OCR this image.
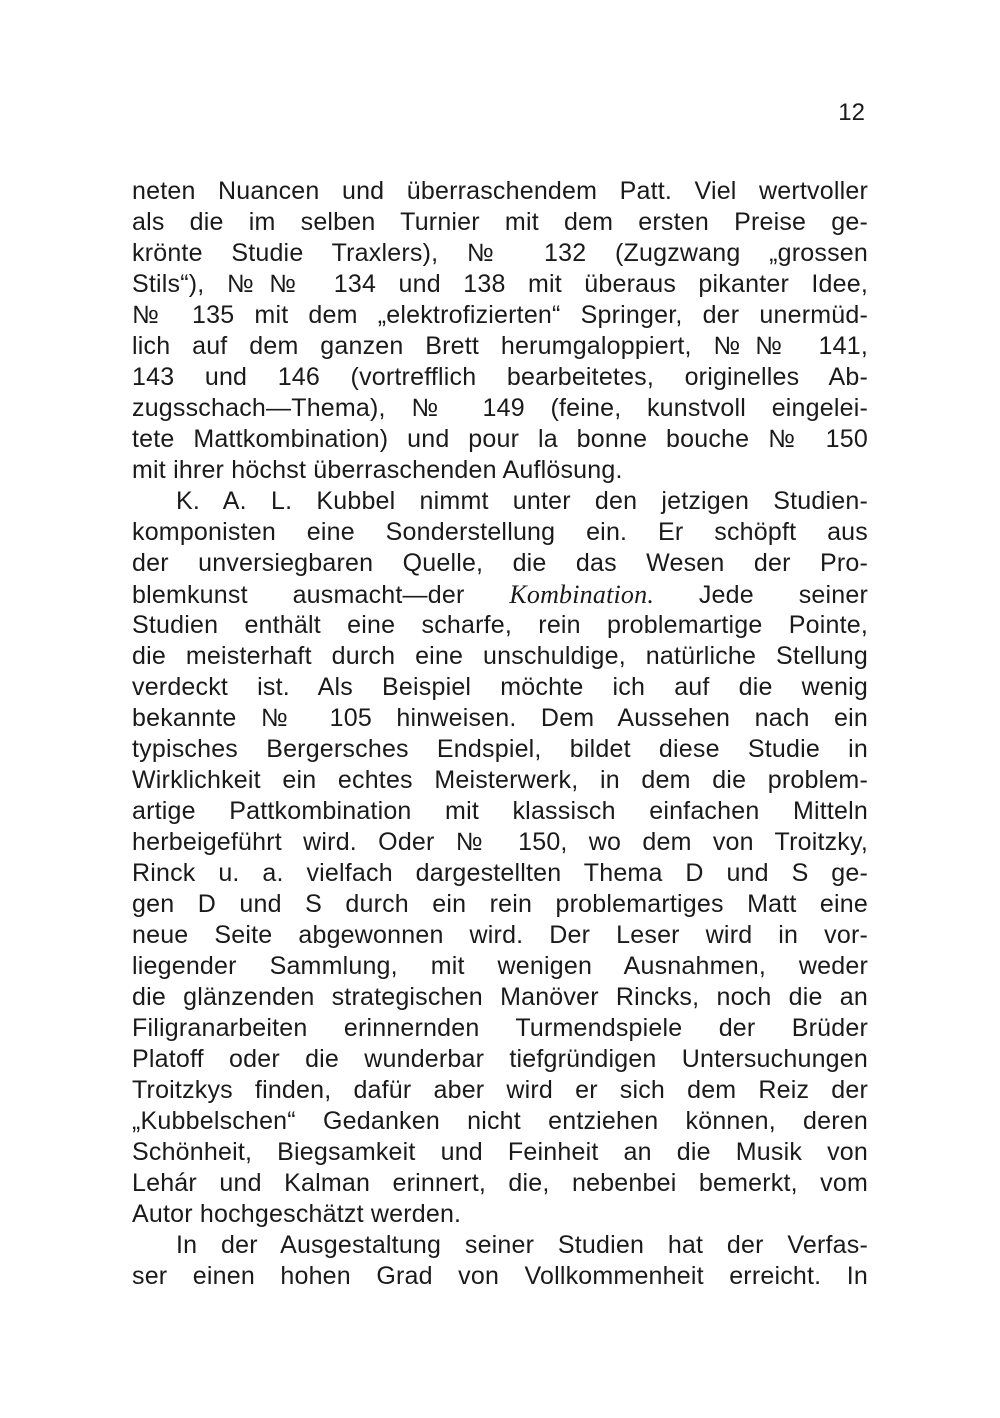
12
neten Nuancen und überraschendem Patt. Viel wertvoller
als die im selben Turnier mit dem ersten Preise ge-
krönte Studie Traxlers), № 132 (Zugzwang „grossen
Stils“), №№ 134 und 138 mit überaus pikanter Idee,
№ 135 mit dem „elektrofizierten“ Springer, der unermüd-
lich auf dem ganzen Brett herumgaloppiert, №№ 141,
143 und 146 (vortrefflich bearbeitetes, originelles Ab-
zugsschach—Thema), № 149 (feine, kunstvoll eingelei-
tete Mattkombination) und pour la bonne bouche № 150
mit ihrer höchst überraschenden Auflösung.
K. A. L. Kubbel nimmt unter den jetzigen Studien-
komponisten eine Sonderstellung ein. Er schöpft aus
der unversiegbaren Quelle, die das Wesen der Pro-
blemkunst ausmacht—der Kombination. Jede seiner
Studien enthält eine scharfe, rein problemartige Pointe,
die meisterhaft durch eine unschuldige, natürliche Stellung
verdeckt ist. Als Beispiel möchte ich auf die wenig
bekannte № 105 hinweisen. Dem Aussehen nach ein
typisches Bergersches Endspiel, bildet diese Studie in
Wirklichkeit ein echtes Meisterwerk, in dem die problem-
artige Pattkombination mit klassisch einfachen Mitteln
herbeigeführt wird. Oder № 150, wo dem von Troitzky,
Rinck u. a. vielfach dargestellten Thema D und S ge-
gen D und S durch ein rein problemartiges Matt eine
neue Seite abgewonnen wird. Der Leser wird in vor-
liegender Sammlung, mit wenigen Ausnahmen, weder
die glänzenden strategischen Manöver Rincks, noch die an
Filigranarbeiten erinnernden Turmendspiele der Brüder
Platoff oder die wunderbar tiefgründigen Untersuchungen
Troitzkys finden, dafür aber wird er sich dem Reiz der
„Kubbelschen“ Gedanken nicht entziehen können, deren
Schönheit, Biegsamkeit und Feinheit an die Musik von
Lehár und Kalman erinnert, die, nebenbei bemerkt, vom
Autor hochgeschätzt werden.
In der Ausgestaltung seiner Studien hat der Verfas-
ser einen hohen Grad von Vollkommenheit erreicht. In
